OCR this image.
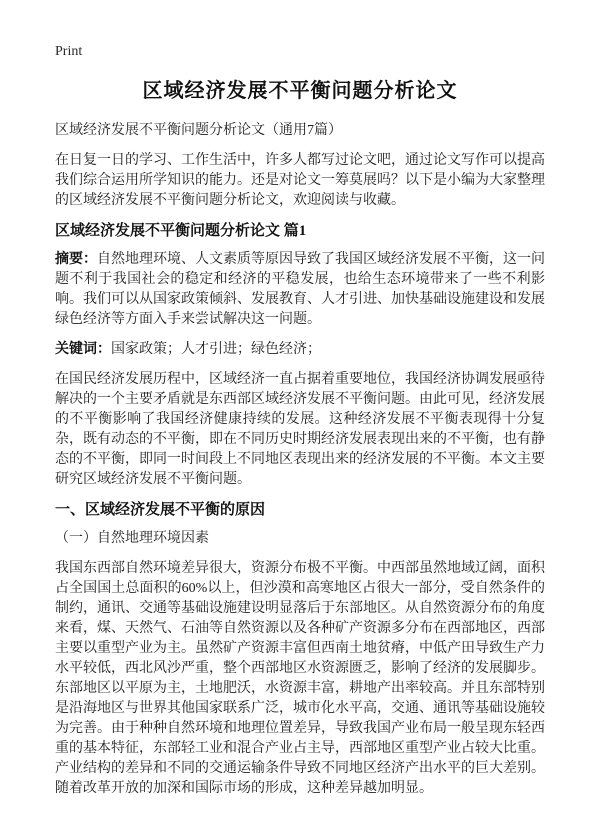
Print
区域经济发展不平衡问题分析论文
区域经济发展不平衡问题分析论文（通用7篇）

在日复一日的学习、工作生活中，许多人都写过论文吧，通过论文写作可以提高我们综合运用所学知识的能力。还是对论文一筹莫展吗？以下是小编为大家整理的区域经济发展不平衡问题分析论文，欢迎阅读与收藏。

区域经济发展不平衡问题分析论文 篇1

摘要：自然地理环境、人文素质等原因导致了我国区域经济发展不平衡，这一问题不利于我国社会的稳定和经济的平稳发展，也给生态环境带来了一些不利影响。我们可以从国家政策倾斜、发展教育、人才引进、加快基础设施建设和发展绿色经济等方面入手来尝试解决这一问题。

关键词：国家政策；人才引进；绿色经济；

在国民经济发展历程中，区域经济一直占据着重要地位，我国经济协调发展亟待解决的一个主要矛盾就是东西部区域经济发展不平衡问题。由此可见，经济发展的不平衡影响了我国经济健康持续的发展。这种经济发展不平衡表现得十分复杂，既有动态的不平衡，即在不同历史时期经济发展表现出来的不平衡，也有静态的不平衡，即同一时间段上不同地区表现出来的经济发展的不平衡。本文主要研究区域经济发展不平衡问题。

一、区域经济发展不平衡的原因
（一）自然地理环境因素

我国东西部自然环境差异很大，资源分布极不平衡。中西部虽然地域辽阔，面积占全国国土总面积的60%以上，但沙漠和高寒地区占很大一部分，受自然条件的制约，通讯、交通等基础设施建设明显落后于东部地区。从自然资源分布的角度来看，煤、天然气、石油等自然资源以及各种矿产资源多分布在西部地区，西部主要以重型产业为主。虽然矿产资源丰富但西南土地贫瘠，中低产田导致生产力水平较低，西北风沙严重，整个西部地区水资源匮乏，影响了经济的发展脚步。东部地区以平原为主，土地肥沃，水资源丰富，耕地产出率较高。并且东部特别是沿海地区与世界其他国家联系广泛，城市化水平高，交通、通讯等基础设施较为完善。由于种种自然环境和地理位置差异，导致我国产业布局一般呈现东轻西重的基本特征，东部轻工业和混合产业占主导，西部地区重型产业占较大比重。产业结构的差异和不同的交通运输条件导致不同地区经济产出水平的巨大差别。随着改革开放的加深和国际市场的形成，这种差异越加明显。
